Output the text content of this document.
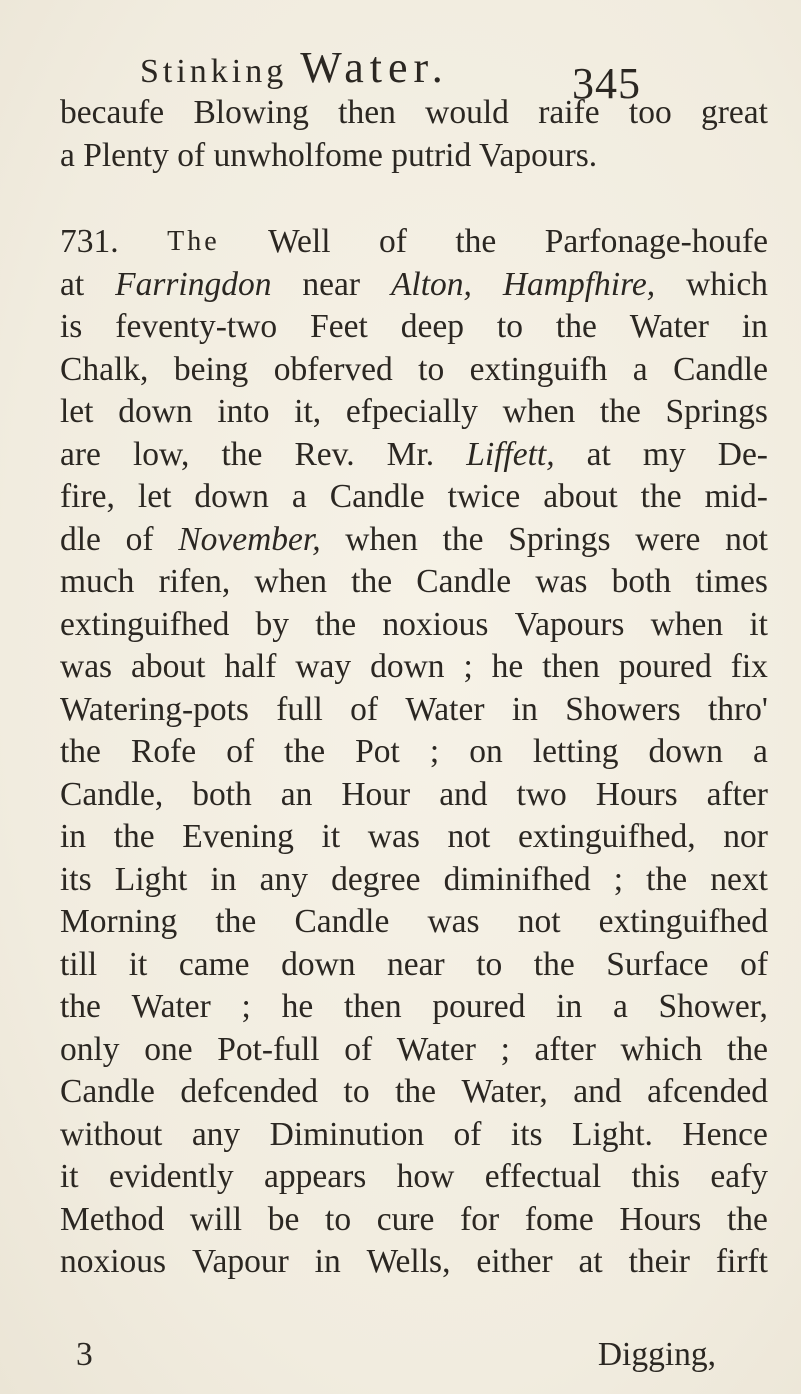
Stinking Water.	345
becaufe Blowing then would raife too great
a Plenty of unwholfome putrid Vapours.
731. The Well of the Parfonage-houfe
at Farringdon near Alton, Hampfhire, which
is feventy-two Feet deep to the Water in
Chalk, being obferved to extinguifh a Candle
let down into it, efpecially when the Springs
are low, the Rev. Mr. Liffett, at my De-
fire, let down a Candle twice about the mid-
dle of November, when the Springs were not
much rifen, when the Candle was both times
extinguifhed by the noxious Vapours when it
was about half way down ; he then poured fix
Watering-pots full of Water in Showers thro'
the Rofe of the Pot ; on letting down a
Candle, both an Hour and two Hours after
in the Evening it was not extinguifhed, nor
its Light in any degree diminifhed ; the next
Morning the Candle was not extinguifhed
till it came down near to the Surface of
the Water ; he then poured in a Shower,
only one Pot-full of Water ; after which the
Candle defcended to the Water, and afcended
without any Diminution of its Light. Hence
it evidently appears how effectual this eafy
Method will be to cure for fome Hours the
noxious Vapour in Wells, either at their firft
3	Digging,
